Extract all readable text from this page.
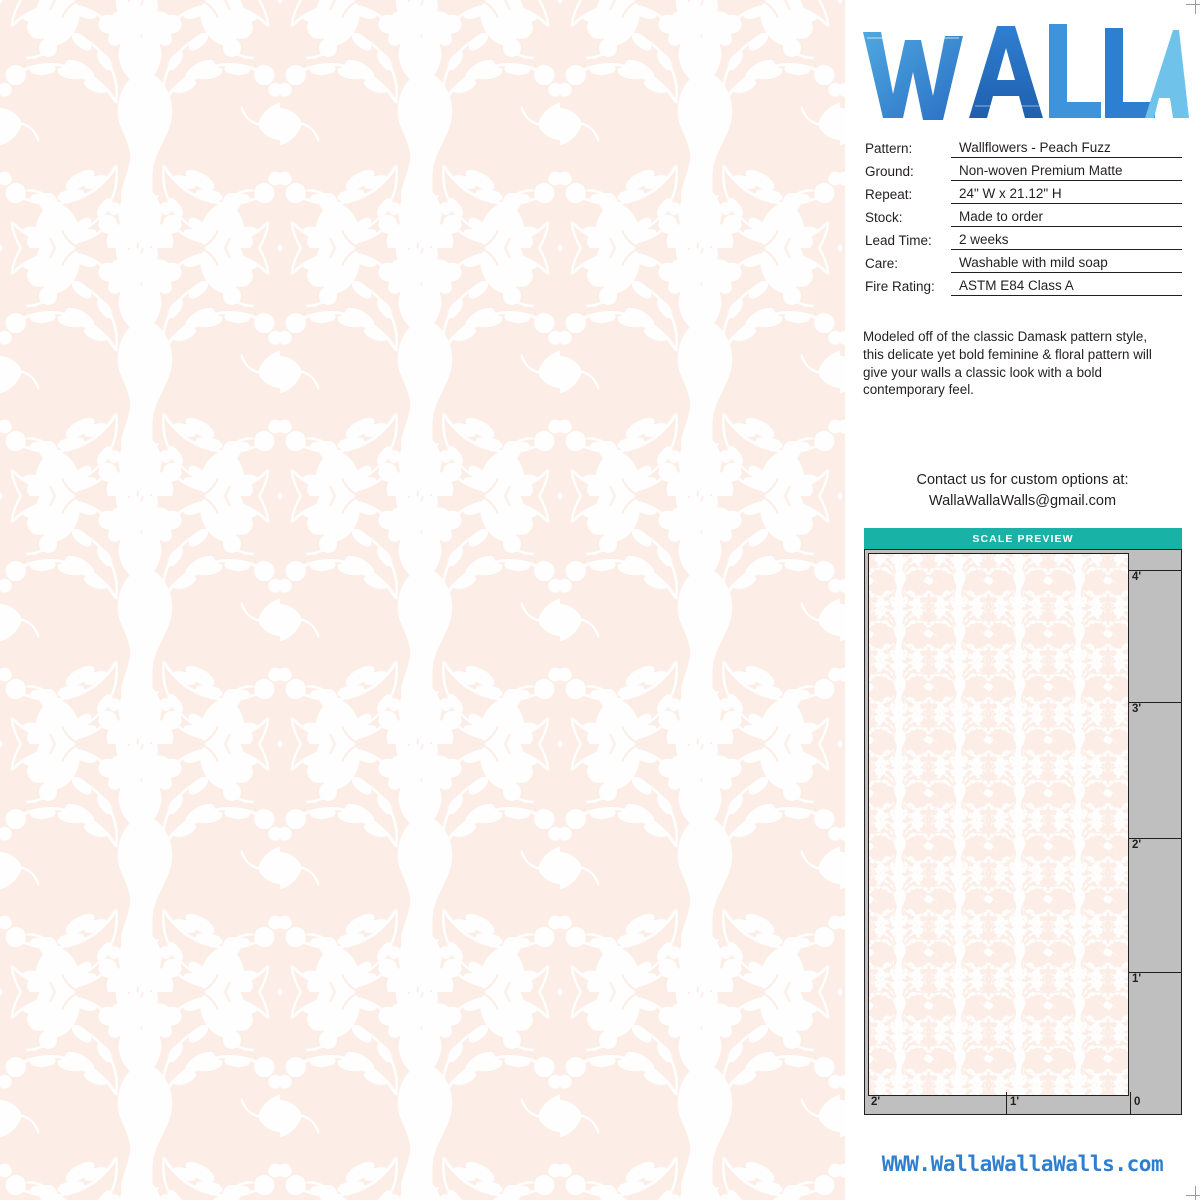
Pattern:	Wallflowers - Peach Fuzz
Ground:	Non-woven Premium Matte
Repeat:	24" W x 21.12" H
Stock:	Made to order
Lead Time:	2 weeks
Care:	Washable with mild soap
Fire Rating:	ASTM E84 Class A
Modeled off of the classic Damask pattern style, this delicate yet bold feminine & floral pattern will give your walls a classic look with a bold contemporary feel.
Contact us for custom options at:
WallaWallaWalls@gmail.com
SCALE PREVIEW
4'
3'
2'
1'
2'	1'	0
WWW.WallaWallaWalls.com
